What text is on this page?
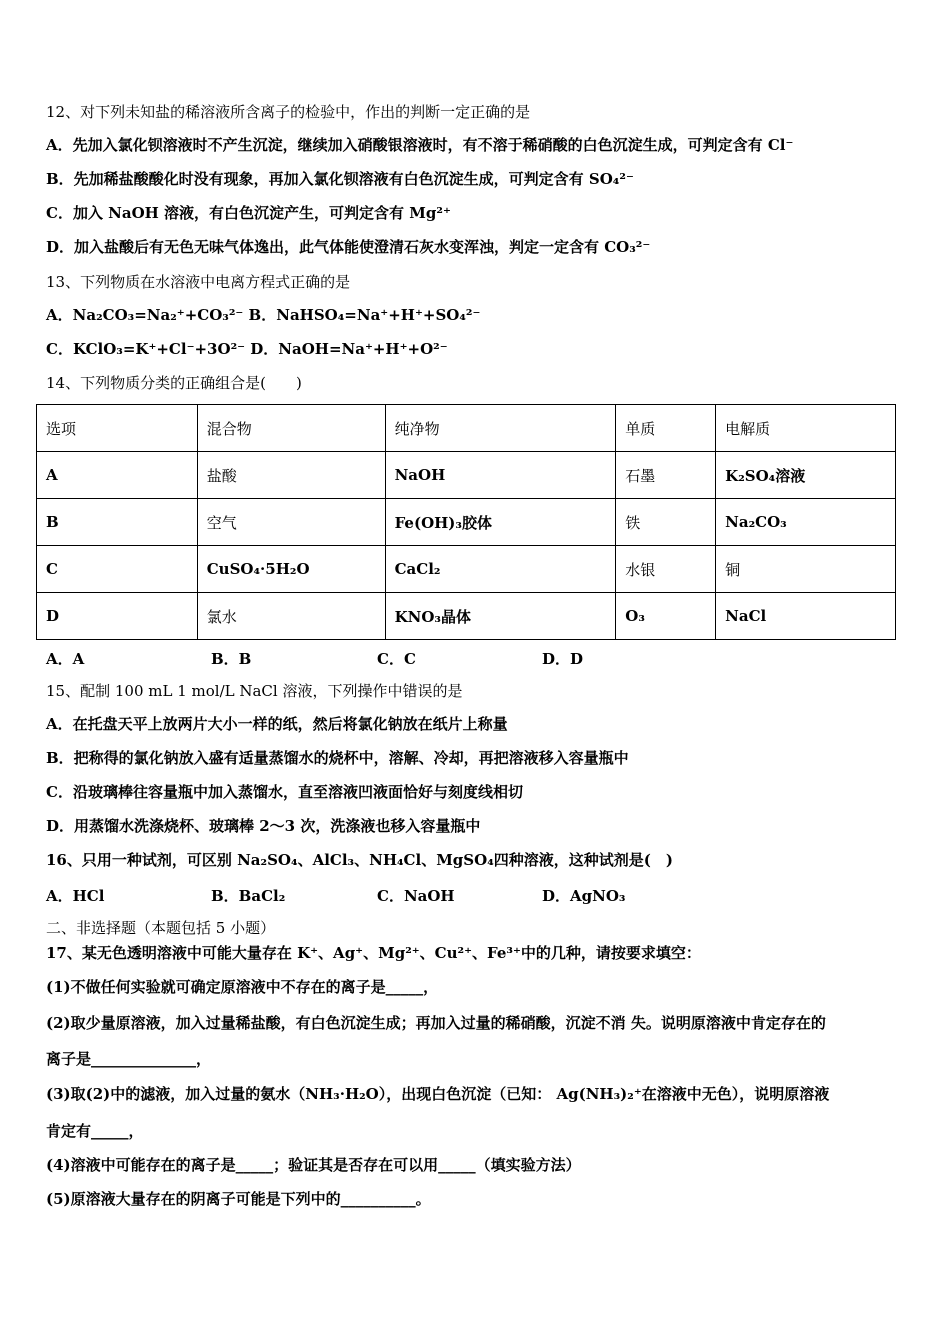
12、对下列未知盐的稀溶液所含离子的检验中，作出的判断一定正确的是
A．先加入氯化钡溶液时不产生沉淀，继续加入硝酸银溶液时，有不溶于稀硝酸的白色沉淀生成，可判定含有 Cl⁻
B．先加稀盐酸酸化时没有现象，再加入氯化钡溶液有白色沉淀生成，可判定含有 SO₄²⁻
C．加入 NaOH 溶液，有白色沉淀产生，可判定含有 Mg²⁺
D．加入盐酸后有无色无味气体逸出，此气体能使澄清石灰水变浑浊，判定一定含有 CO₃²⁻
13、下列物质在水溶液中电离方程式正确的是
A．Na₂CO₃=Na₂⁺+CO₃²⁻ B．NaHSO₄=Na⁺+H⁺+SO₄²⁻
C．KClO₃=K⁺+Cl⁻+3O²⁻ D．NaOH=Na⁺+H⁺+O²⁻
14、下列物质分类的正确组合是(　　)
选项	混合物	纯净物	单质	电解质
A	盐酸	NaOH	石墨	K₂SO₄溶液
B	空气	Fe(OH)₃胶体	铁	Na₂CO₃
C	CuSO₄·5H₂O	CaCl₂	水银	铜
D	氯水	KNO₃晶体	O₃	NaCl
A．A	B．B	C．C	D．D
15、配制 100 mL 1 mol/L NaCl 溶液，下列操作中错误的是
A．在托盘天平上放两片大小一样的纸，然后将氯化钠放在纸片上称量
B．把称得的氯化钠放入盛有适量蒸馏水的烧杯中，溶解、冷却，再把溶液移入容量瓶中
C．沿玻璃棒往容量瓶中加入蒸馏水，直至溶液凹液面恰好与刻度线相切
D．用蒸馏水洗涤烧杯、玻璃棒 2～3 次，洗涤液也移入容量瓶中
16、只用一种试剂，可区别 Na₂SO₄、AlCl₃、NH₄Cl、MgSO₄四种溶液，这种试剂是(　)
A．HCl	B．BaCl₂	C．NaOH	D．AgNO₃
二、非选择题（本题包括 5 小题）
17、某无色透明溶液中可能大量存在 K⁺、Ag⁺、Mg²⁺、Cu²⁺、Fe³⁺中的几种，请按要求填空：
(1)不做任何实验就可确定原溶液中不存在的离子是_____，
(2)取少量原溶液，加入过量稀盐酸，有白色沉淀生成；再加入过量的稀硝酸，沉淀不消 失。说明原溶液中肯定存在的
离子是______________，
(3)取(2)中的滤液，加入过量的氨水（NH₃·H₂O），出现白色沉淀（已知： Ag(NH₃)₂⁺在溶液中无色），说明原溶液
肯定有_____，
(4)溶液中可能存在的离子是_____；验证其是否存在可以用_____（填实验方法）
(5)原溶液大量存在的阴离子可能是下列中的__________。
